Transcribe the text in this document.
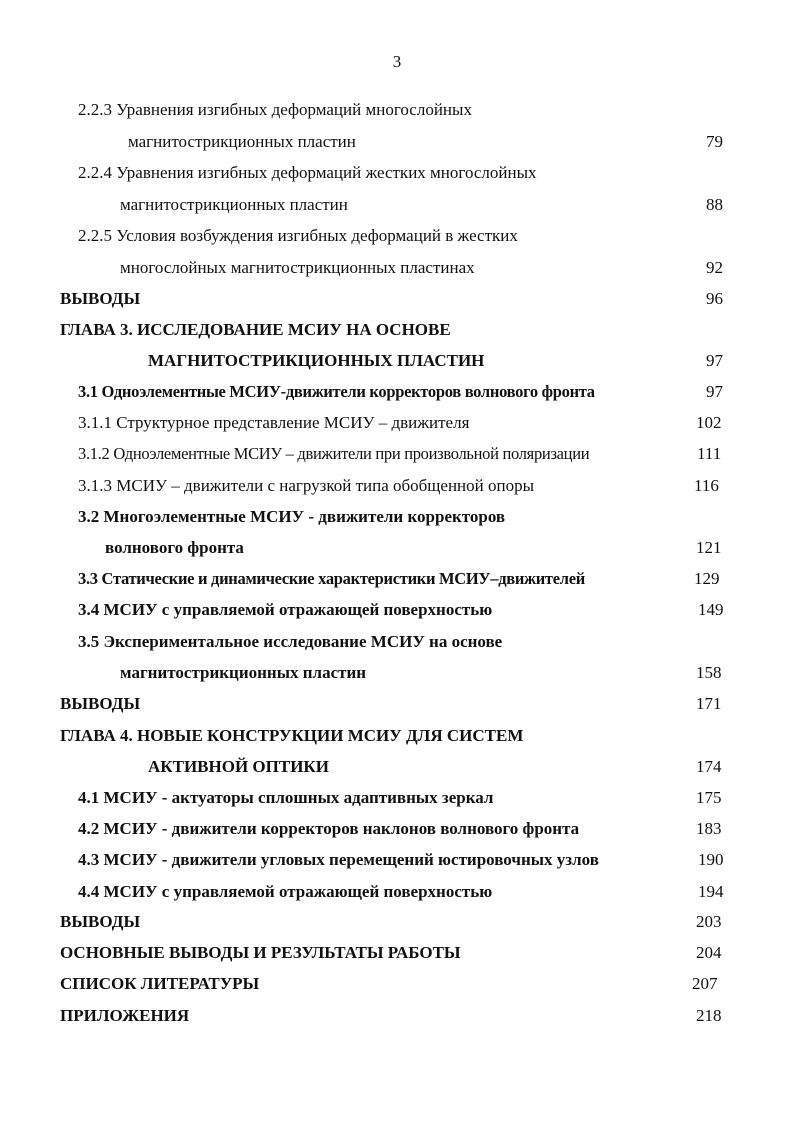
3
2.2.3 Уравнения изгибных деформаций многослойных
магнитострикционных пластин	79
2.2.4 Уравнения изгибных деформаций жестких многослойных
магнитострикционных пластин	88
2.2.5 Условия возбуждения изгибных деформаций в жестких
многослойных магнитострикционных пластинах	92
ВЫВОДЫ	96
ГЛАВА 3. ИССЛЕДОВАНИЕ МСИУ НА ОСНОВЕ
МАГНИТОСТРИКЦИОННЫХ ПЛАСТИН	97
3.1 Одноэлементные МСИУ-движители корректоров волнового фронта	97
3.1.1 Структурное представление МСИУ – движителя	102
3.1.2 Одноэлементные МСИУ – движители при произвольной поляризации	111
3.1.3 МСИУ – движители с нагрузкой типа обобщенной опоры	116
3.2 Многоэлементные МСИУ - движители корректоров
волнового фронта	121
3.3 Статические и динамические характеристики МСИУ–движителей	129
3.4 МСИУ с управляемой отражающей поверхностью	149
3.5 Экспериментальное исследование МСИУ на основе
магнитострикционных пластин	158
ВЫВОДЫ	171
ГЛАВА 4. НОВЫЕ КОНСТРУКЦИИ МСИУ ДЛЯ СИСТЕМ
АКТИВНОЙ ОПТИКИ	174
4.1 МСИУ - актуаторы сплошных адаптивных зеркал	175
4.2 МСИУ - движители корректоров наклонов волнового фронта	183
4.3 МСИУ - движители угловых перемещений юстировочных узлов	190
4.4 МСИУ с управляемой отражающей поверхностью	194
ВЫВОДЫ	203
ОСНОВНЫЕ ВЫВОДЫ И РЕЗУЛЬТАТЫ РАБОТЫ	204
СПИСОК ЛИТЕРАТУРЫ	207
ПРИЛОЖЕНИЯ	218
